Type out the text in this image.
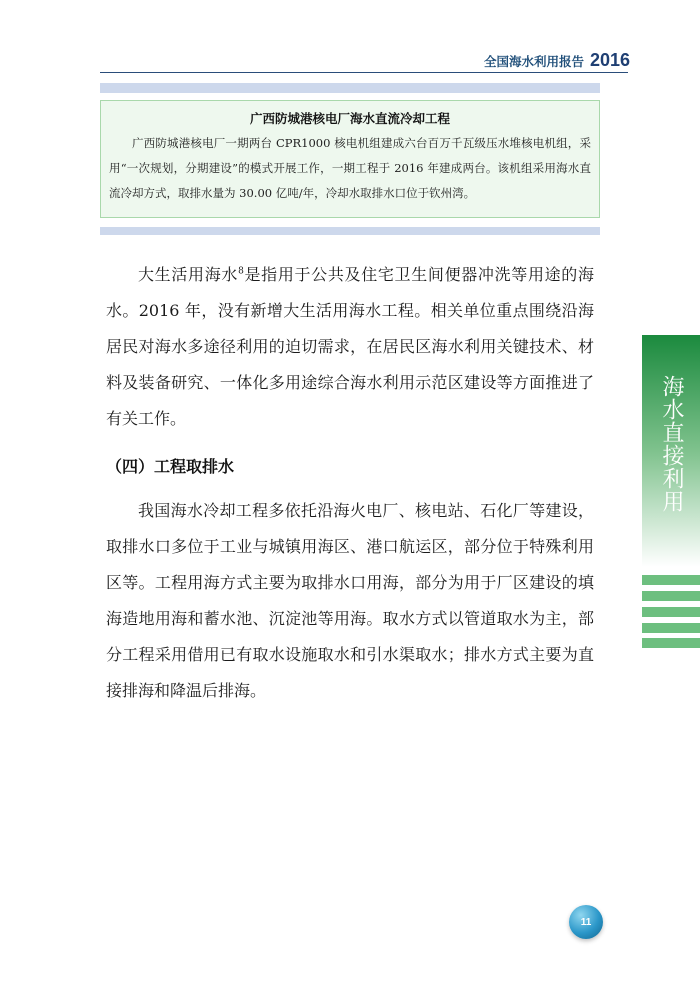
全国海水利用报告 2016
广西防城港核电厂海水直流冷却工程
广西防城港核电厂一期两台 CPR1000 核电机组建成六台百万千瓦级压水堆核电机组，采用“一次规划，分期建设”的模式开展工作，一期工程于 2016 年建成两台。该机组采用海水直流冷却方式，取排水量为 30.00 亿吨/年，冷却水取排水口位于钦州湾。
大生活用海水$^8$是指用于公共及住宅卫生间便器冲洗等用途的海水。2016 年，没有新增大生活用海水工程。相关单位重点围绕沿海居民对海水多途径利用的迫切需求，在居民区海水利用关键技术、材料及装备研究、一体化多用途综合海水利用示范区建设等方面推进了有关工作。
（四）工程取排水
我国海水冷却工程多依托沿海火电厂、核电站、石化厂等建设，取排水口多位于工业与城镇用海区、港口航运区，部分位于特殊利用区等。工程用海方式主要为取排水口用海，部分为用于厂区建设的填海造地用海和蓄水池、沉淀池等用海。取水方式以管道取水为主，部分工程采用借用已有取水设施取水和引水渠取水；排水方式主要为直接排海和降温后排海。
海水直接利用
11
